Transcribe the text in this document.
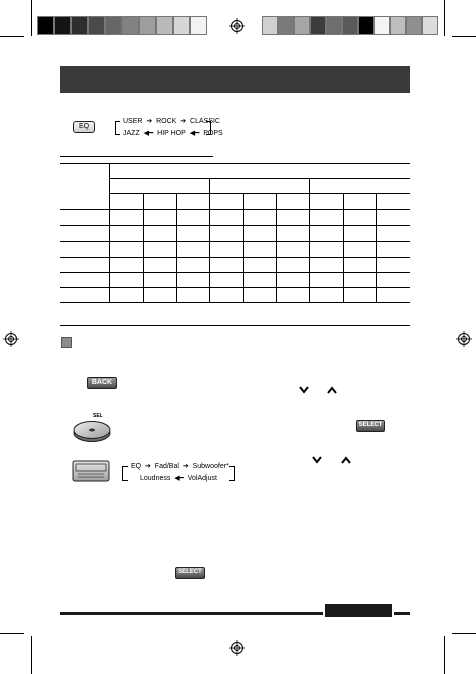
EQ
USER  ➔  ROCK  ➔  CLASSIC
JAZZ  ◀━  HIP HOP  ◀━  POPS
BACK
SEL
SELECT
EQ  ➔  Fad/Bal  ➔  Subwoofer*
Loudness  ◀━  VolAdjust
SELECT
